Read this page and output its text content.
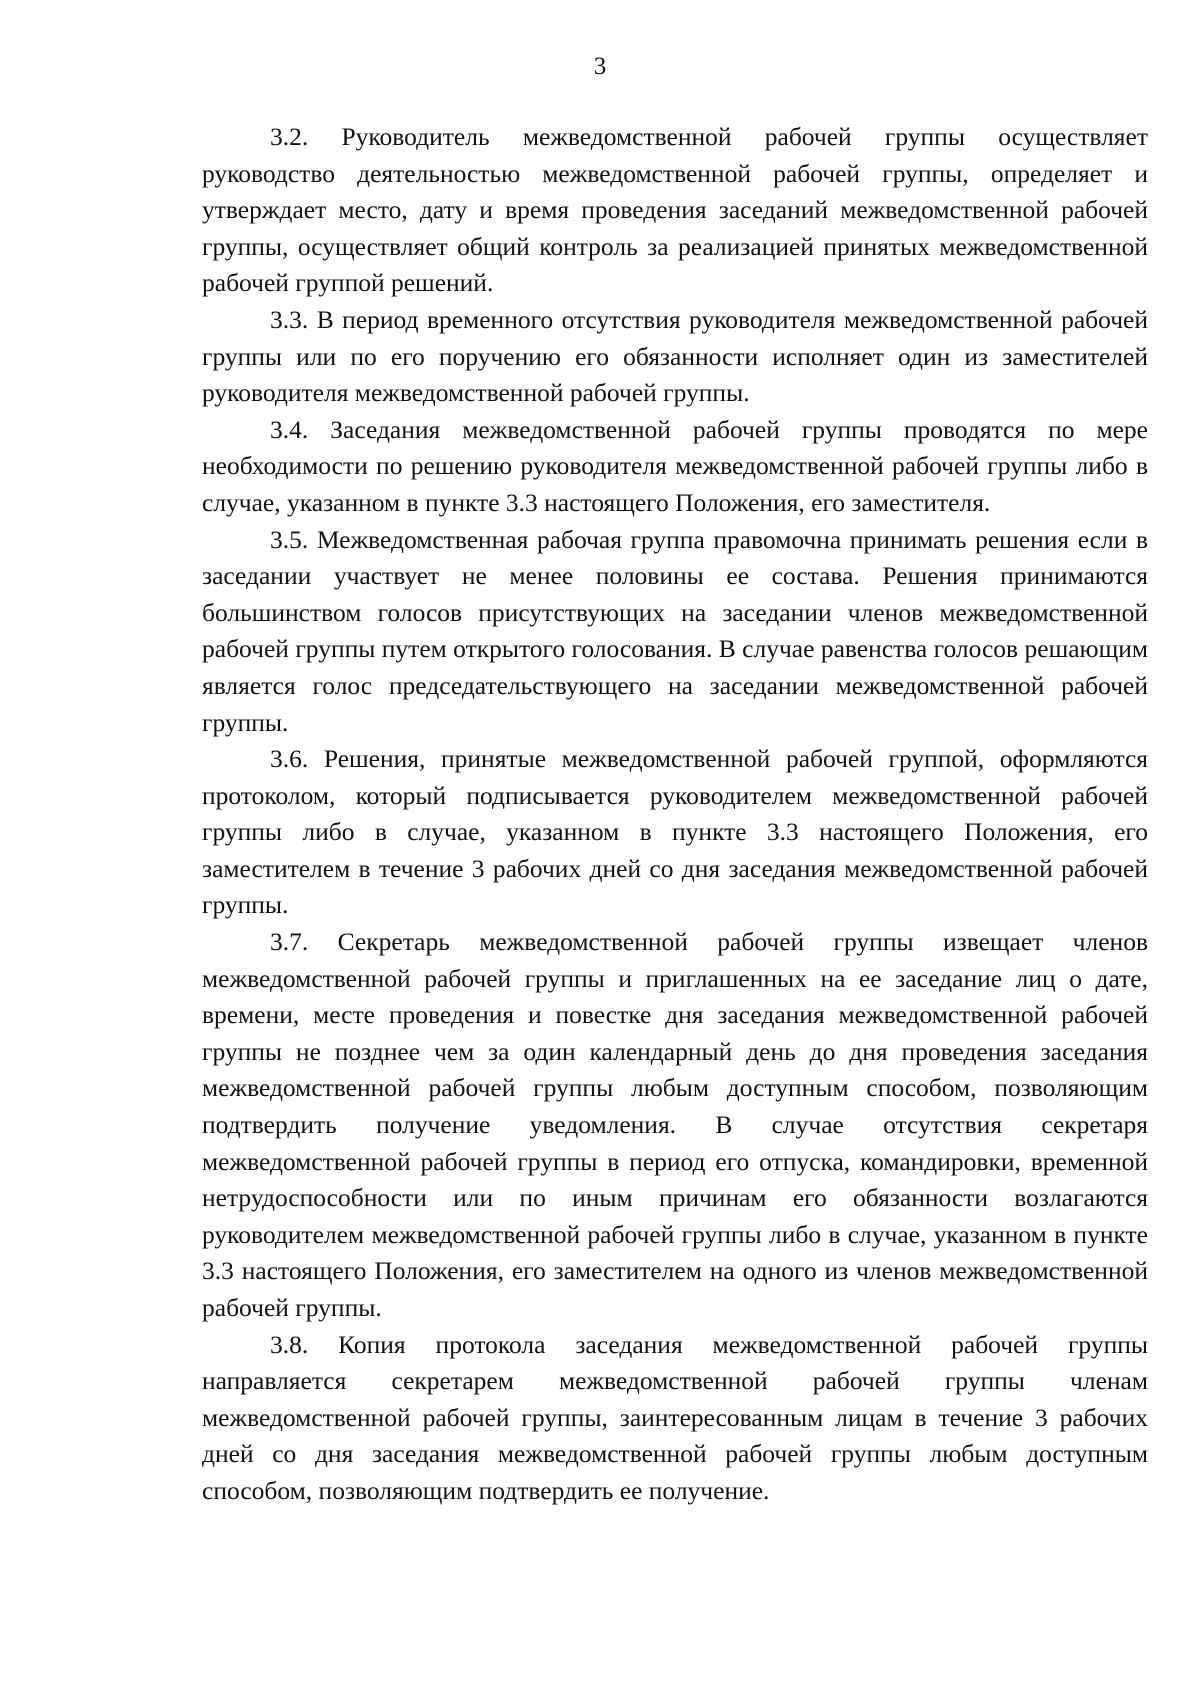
3

3.2. Руководитель межведомственной рабочей группы осуществляет руководство деятельностью межведомственной рабочей группы, определяет и утверждает место, дату и время проведения заседаний межведомственной рабочей группы, осуществляет общий контроль за реализацией принятых межведомственной рабочей группой решений.

3.3. В период временного отсутствия руководителя межведомственной рабочей группы или по его поручению его обязанности исполняет один из заместителей руководителя межведомственной рабочей группы.

3.4. Заседания межведомственной рабочей группы проводятся по мере необходимости по решению руководителя межведомственной рабочей группы либо в случае, указанном в пункте 3.3 настоящего Положения, его заместителя.

3.5. Межведомственная рабочая группа правомочна принимать решения если в заседании участвует не менее половины ее состава. Решения принимаются большинством голосов присутствующих на заседании членов межведомственной рабочей группы путем открытого голосования. В случае равенства голосов решающим является голос председательствующего на заседании межведомственной рабочей группы.

3.6. Решения, принятые межведомственной рабочей группой, оформляются протоколом, который подписывается руководителем межведомственной рабочей группы либо в случае, указанном в пункте 3.3 настоящего Положения, его заместителем в течение 3 рабочих дней со дня заседания межведомственной рабочей группы.

3.7. Секретарь межведомственной рабочей группы извещает членов межведомственной рабочей группы и приглашенных на ее заседание лиц о дате, времени, месте проведения и повестке дня заседания межведомственной рабочей группы не позднее чем за один календарный день до дня проведения заседания межведомственной рабочей группы любым доступным способом, позволяющим подтвердить получение уведомления. В случае отсутствия секретаря межведомственной рабочей группы в период его отпуска, командировки, временной нетрудоспособности или по иным причинам его обязанности возлагаются руководителем межведомственной рабочей группы либо в случае, указанном в пункте 3.3 настоящего Положения, его заместителем на одного из членов межведомственной рабочей группы.

3.8. Копия протокола заседания межведомственной рабочей группы направляется секретарем межведомственной рабочей группы членам межведомственной рабочей группы, заинтересованным лицам в течение 3 рабочих дней со дня заседания межведомственной рабочей группы любым доступным способом, позволяющим подтвердить ее получение.
